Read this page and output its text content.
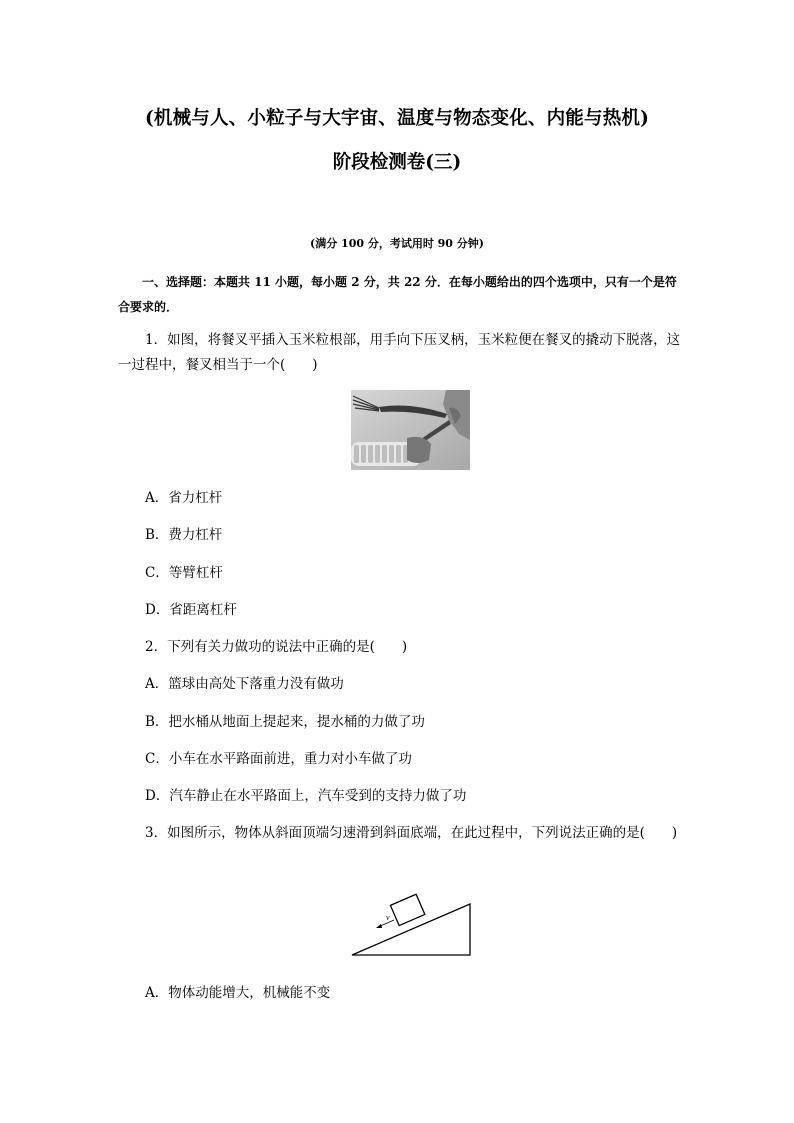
(机械与人、小粒子与大宇宙、温度与物态变化、内能与热机)
阶段检测卷(三)
(满分 100 分，考试用时 90 分钟)
一、选择题：本题共 11 小题，每小题 2 分，共 22 分．在每小题给出的四个选项中，只有一个是符合要求的．
1．如图，将餐叉平插入玉米粒根部，用手向下压叉柄，玉米粒便在餐叉的撬动下脱落，这一过程中，餐叉相当于一个(　　)
A．省力杠杆
B．费力杠杆
C．等臂杠杆
D．省距离杠杆
2．下列有关力做功的说法中正确的是(　　)
A．篮球由高处下落重力没有做功
B．把水桶从地面上提起来，提水桶的力做了功
C．小车在水平路面前进，重力对小车做了功
D．汽车静止在水平路面上，汽车受到的支持力做了功
3．如图所示，物体从斜面顶端匀速滑到斜面底端，在此过程中，下列说法正确的是(　　)
v
A．物体动能增大，机械能不变
